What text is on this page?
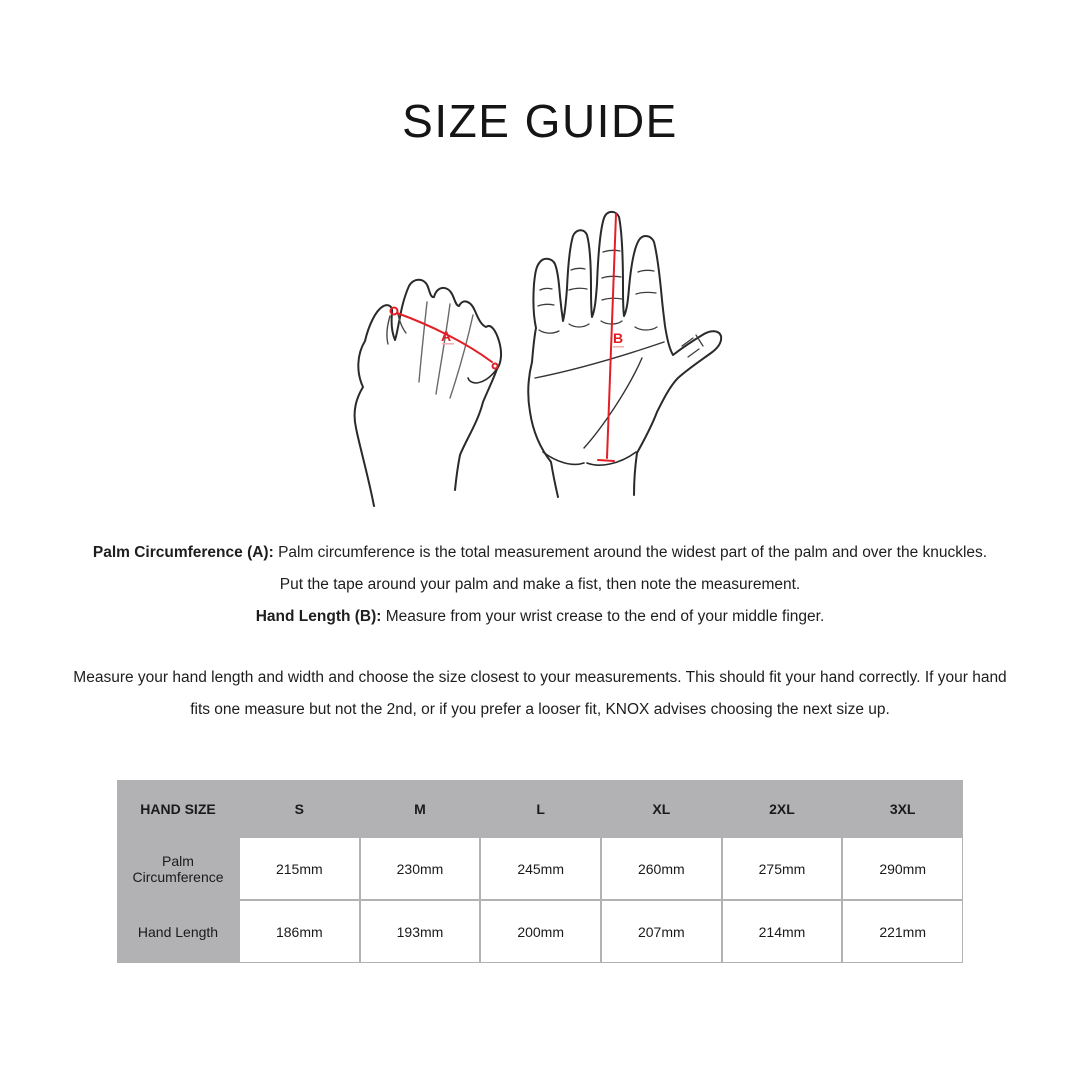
SIZE GUIDE
A	B
Palm Circumference (A): Palm circumference is the total measurement around the widest part of the palm and over the knuckles.
Put the tape around your palm and make a fist, then note the measurement.
Hand Length (B): Measure from your wrist crease to the end of your middle finger.
Measure your hand length and width and choose the size closest to your measurements. This should fit your hand correctly. If your hand
fits one measure but not the 2nd, or if you prefer a looser fit, KNOX advises choosing the next size up.
HAND SIZE	S	M	L	XL	2XL	3XL
Palm Circumference	215mm	230mm	245mm	260mm	275mm	290mm
Hand Length	186mm	193mm	200mm	207mm	214mm	221mm
